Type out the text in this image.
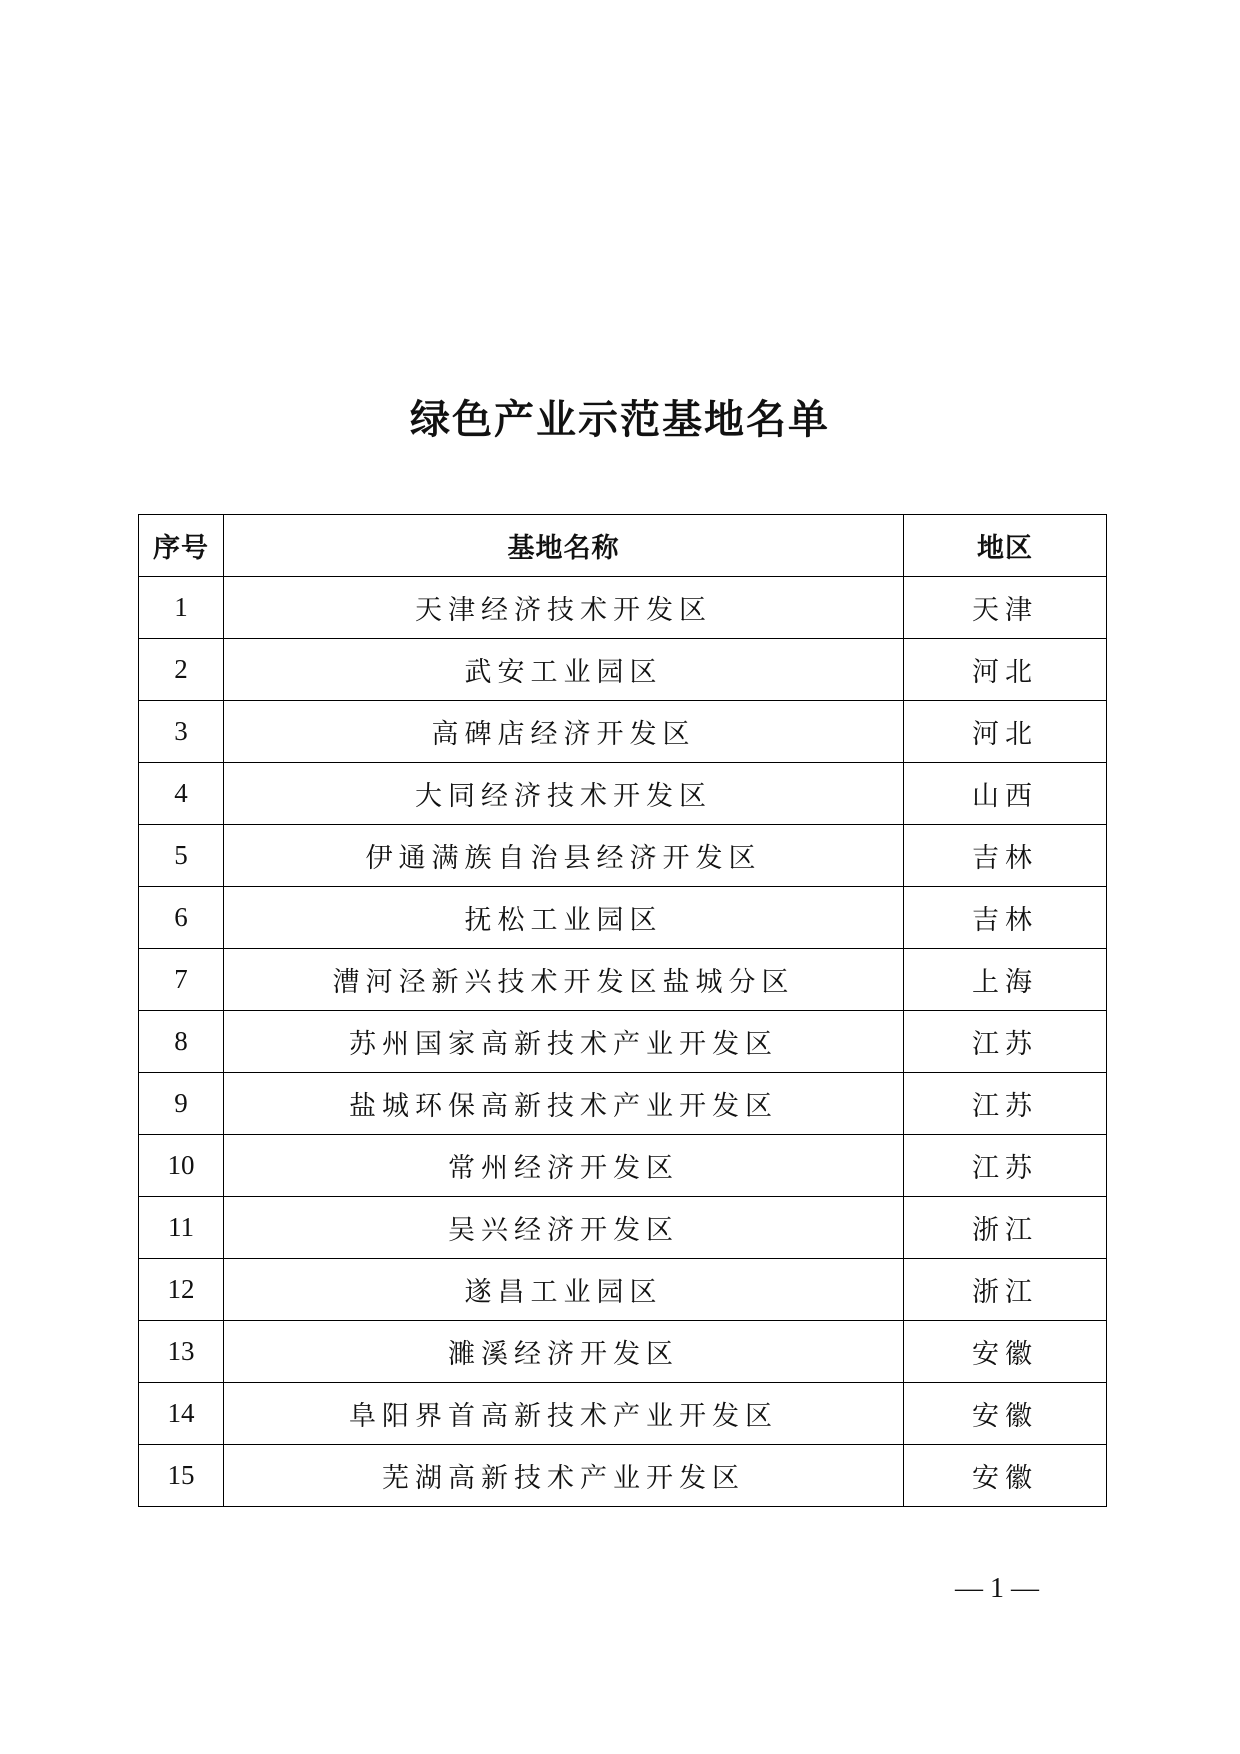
绿色产业示范基地名单
序号	基地名称	地区
1	天津经济技术开发区	天津
2	武安工业园区	河北
3	高碑店经济开发区	河北
4	大同经济技术开发区	山西
5	伊通满族自治县经济开发区	吉林
6	抚松工业园区	吉林
7	漕河泾新兴技术开发区盐城分区	上海
8	苏州国家高新技术产业开发区	江苏
9	盐城环保高新技术产业开发区	江苏
10	常州经济开发区	江苏
11	吴兴经济开发区	浙江
12	遂昌工业园区	浙江
13	濉溪经济开发区	安徽
14	阜阳界首高新技术产业开发区	安徽
15	芜湖高新技术产业开发区	安徽
— 1 —
